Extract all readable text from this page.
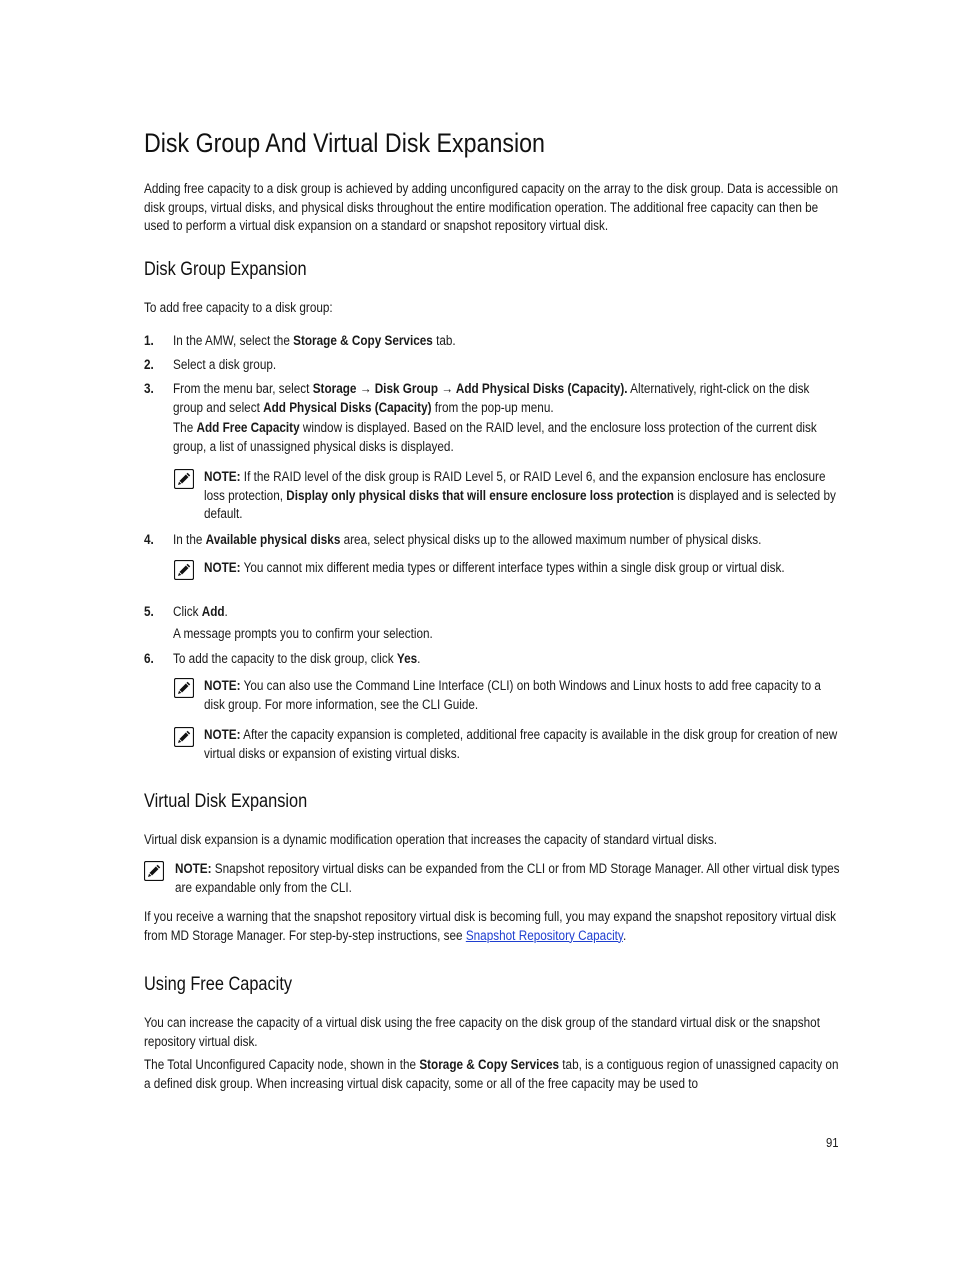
Disk Group And Virtual Disk Expansion
Adding free capacity to a disk group is achieved by adding unconfigured capacity on the array to the disk group. Data is accessible on disk groups, virtual disks, and physical disks throughout the entire modification operation. The additional free capacity can then be used to perform a virtual disk expansion on a standard or snapshot repository virtual disk.
Disk Group Expansion
To add free capacity to a disk group:
1. In the AMW, select the Storage & Copy Services tab.
2. Select a disk group.
3. From the menu bar, select Storage → Disk Group → Add Physical Disks (Capacity). Alternatively, right-click on the disk group and select Add Physical Disks (Capacity) from the pop-up menu.
The Add Free Capacity window is displayed. Based on the RAID level, and the enclosure loss protection of the current disk group, a list of unassigned physical disks is displayed.
NOTE: If the RAID level of the disk group is RAID Level 5, or RAID Level 6, and the expansion enclosure has enclosure loss protection, Display only physical disks that will ensure enclosure loss protection is displayed and is selected by default.
4. In the Available physical disks area, select physical disks up to the allowed maximum number of physical disks.
NOTE: You cannot mix different media types or different interface types within a single disk group or virtual disk.
5. Click Add.
A message prompts you to confirm your selection.
6. To add the capacity to the disk group, click Yes.
NOTE: You can also use the Command Line Interface (CLI) on both Windows and Linux hosts to add free capacity to a disk group. For more information, see the CLI Guide.
NOTE: After the capacity expansion is completed, additional free capacity is available in the disk group for creation of new virtual disks or expansion of existing virtual disks.
Virtual Disk Expansion
Virtual disk expansion is a dynamic modification operation that increases the capacity of standard virtual disks.
NOTE: Snapshot repository virtual disks can be expanded from the CLI or from MD Storage Manager. All other virtual disk types are expandable only from the CLI.
If you receive a warning that the snapshot repository virtual disk is becoming full, you may expand the snapshot repository virtual disk from MD Storage Manager. For step-by-step instructions, see Snapshot Repository Capacity.
Using Free Capacity
You can increase the capacity of a virtual disk using the free capacity on the disk group of the standard virtual disk or the snapshot repository virtual disk.
The Total Unconfigured Capacity node, shown in the Storage & Copy Services tab, is a contiguous region of unassigned capacity on a defined disk group. When increasing virtual disk capacity, some or all of the free capacity may be used to
91
